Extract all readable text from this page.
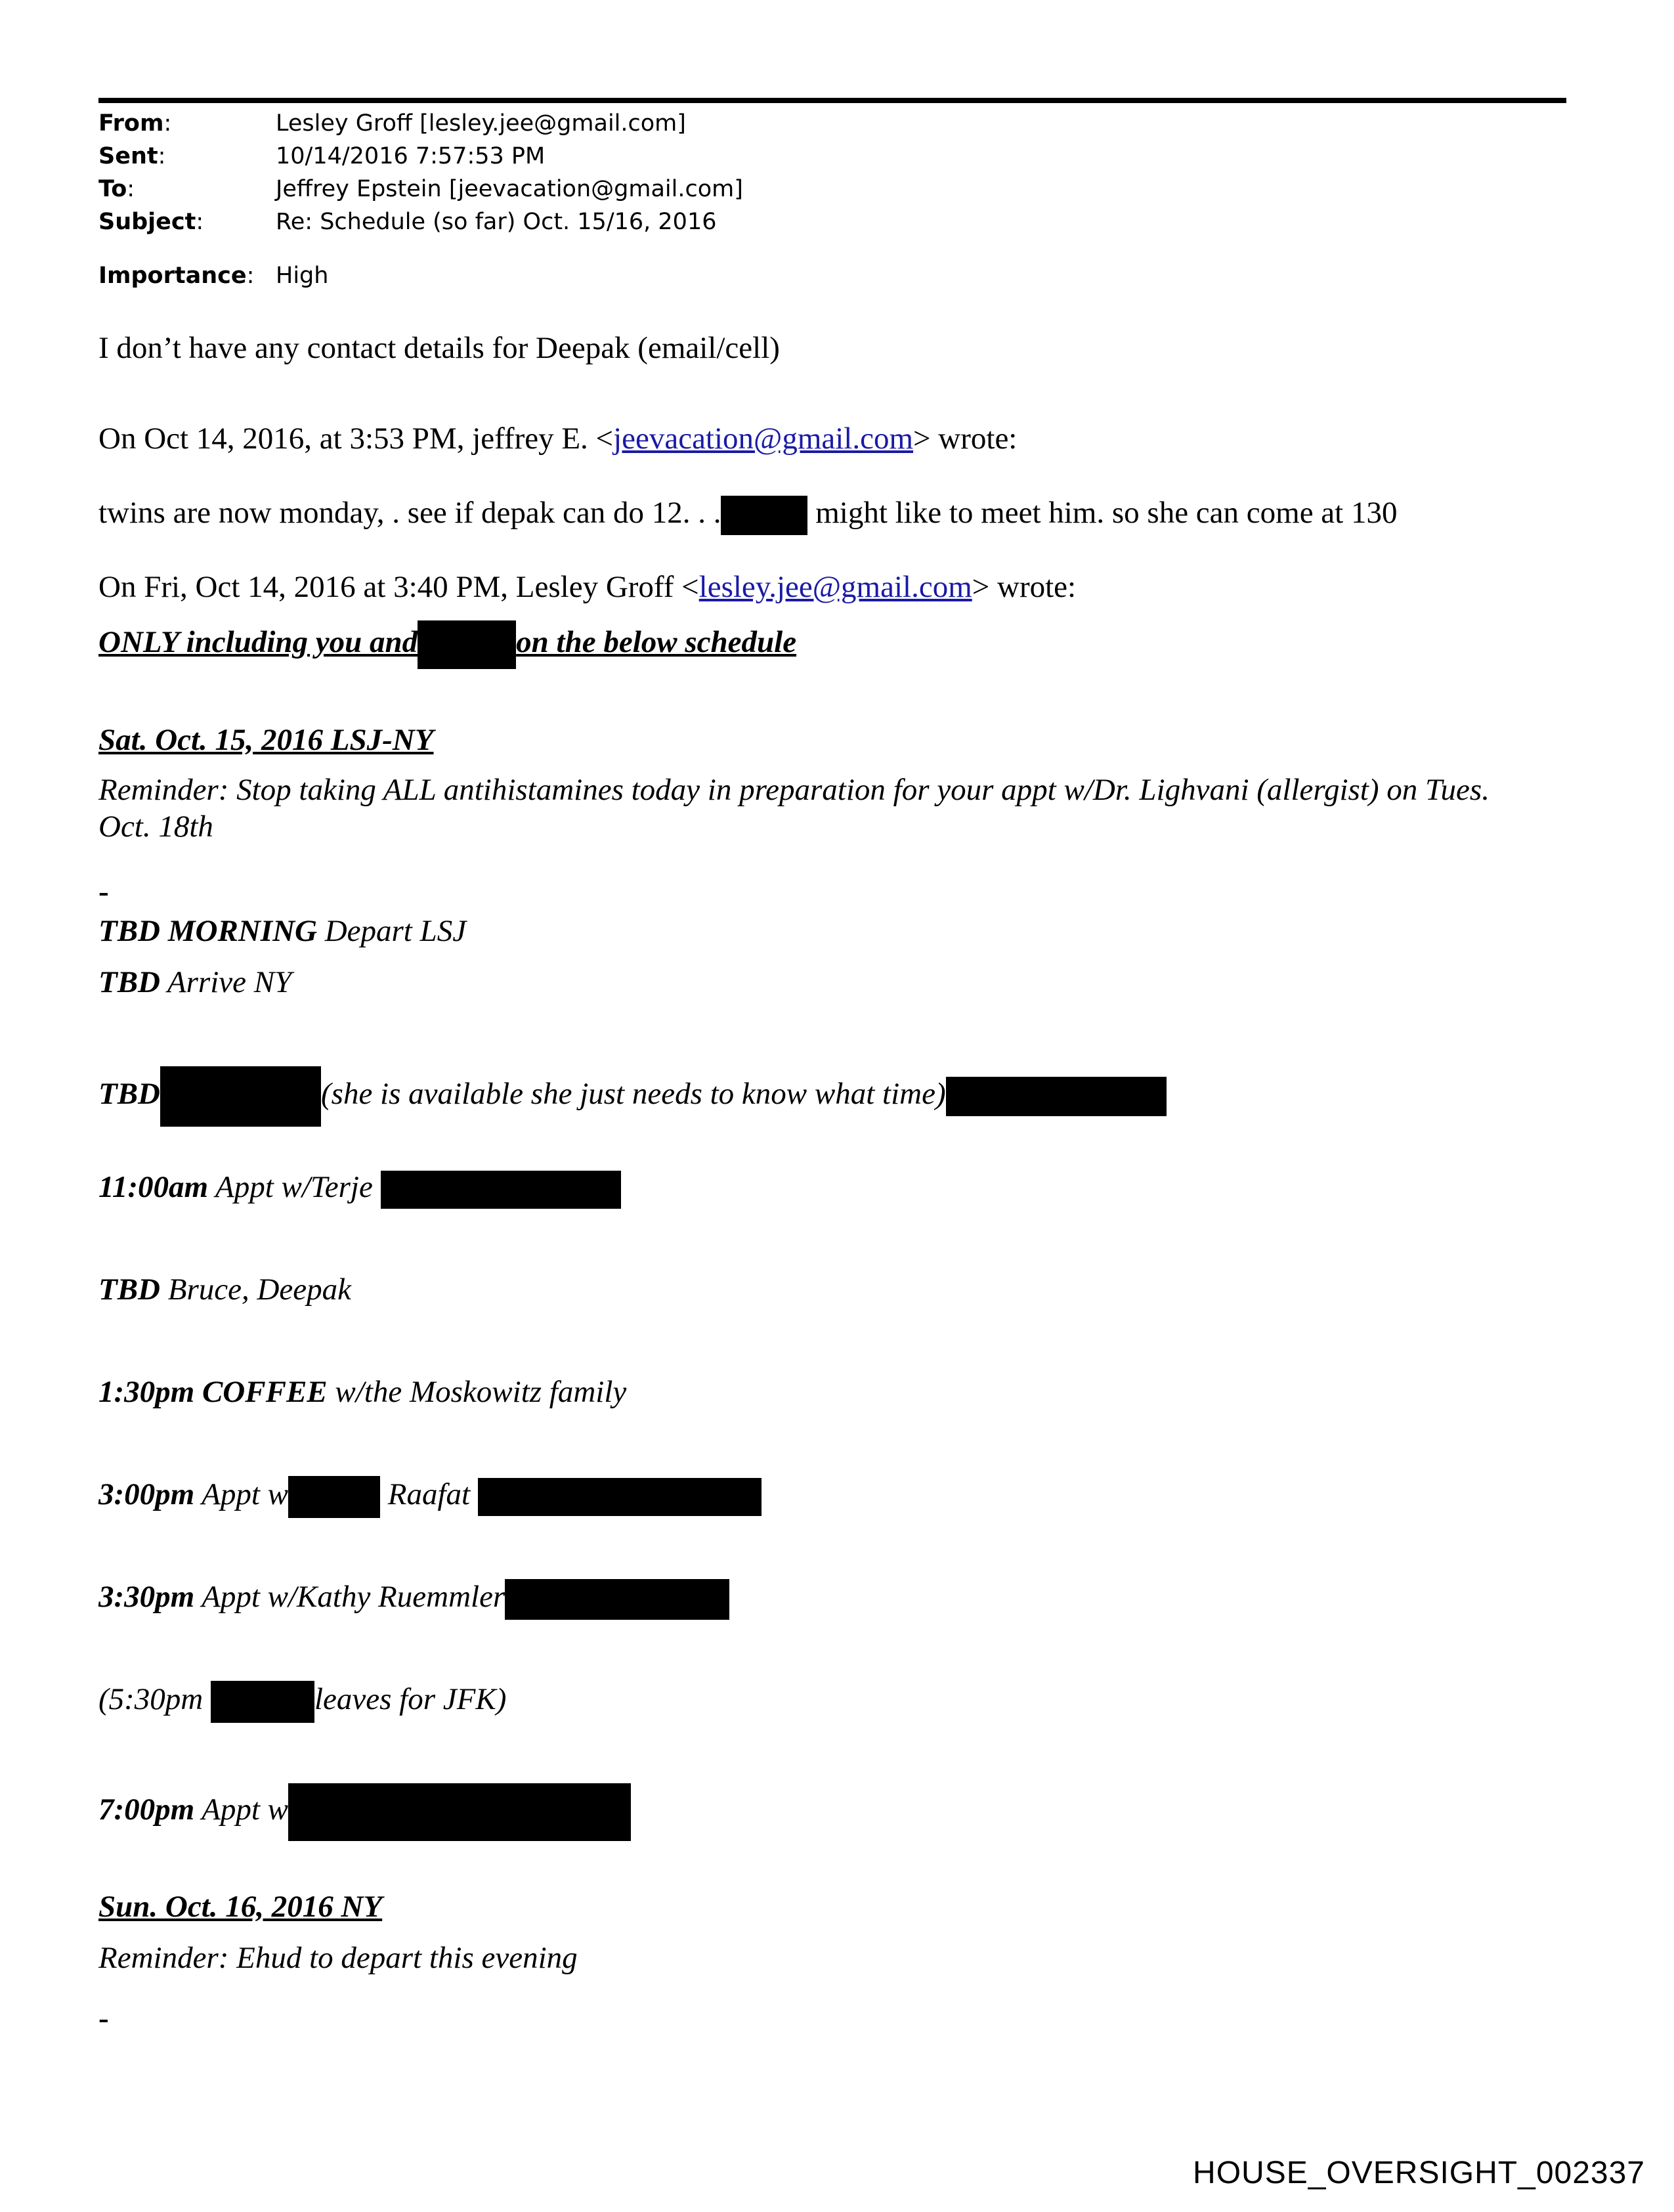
From:	Lesley Groff [lesley.jee@gmail.com]
Sent:	10/14/2016 7:57:53 PM
To:	Jeffrey Epstein [jeevacation@gmail.com]
Subject:	Re: Schedule (so far) Oct. 15/16, 2016
Importance: High
I don’t have any contact details for Deepak (email/cell)
On Oct 14, 2016, at 3:53 PM, jeffrey E. <jeevacation@gmail.com> wrote:
twins are now monday, . see if depak can do 12. . .	might like to meet him. so she can come at 130
On Fri, Oct 14, 2016 at 3:40 PM, Lesley Groff <lesley.jee@gmail.com> wrote:
ONLY including you and	on the below schedule
Sat. Oct. 15, 2016 LSJ-NY
Reminder: Stop taking ALL antihistamines today in preparation for your appt w/Dr. Lighvani (allergist) on Tues. Oct. 18th
-
TBD MORNING Depart LSJ
TBD Arrive NY
TBD	(she is available she just needs to know what time)
11:00am Appt w/Terje
TBD Bruce, Deepak
1:30pm COFFEE w/the Moskowitz family
3:00pm Appt w	Raafat
3:30pm Appt w/Kathy Ruemmler
(5:30pm	leaves for JFK)
7:00pm Appt w
Sun. Oct. 16, 2016 NY
Reminder: Ehud to depart this evening
-
HOUSE_OVERSIGHT_002337
